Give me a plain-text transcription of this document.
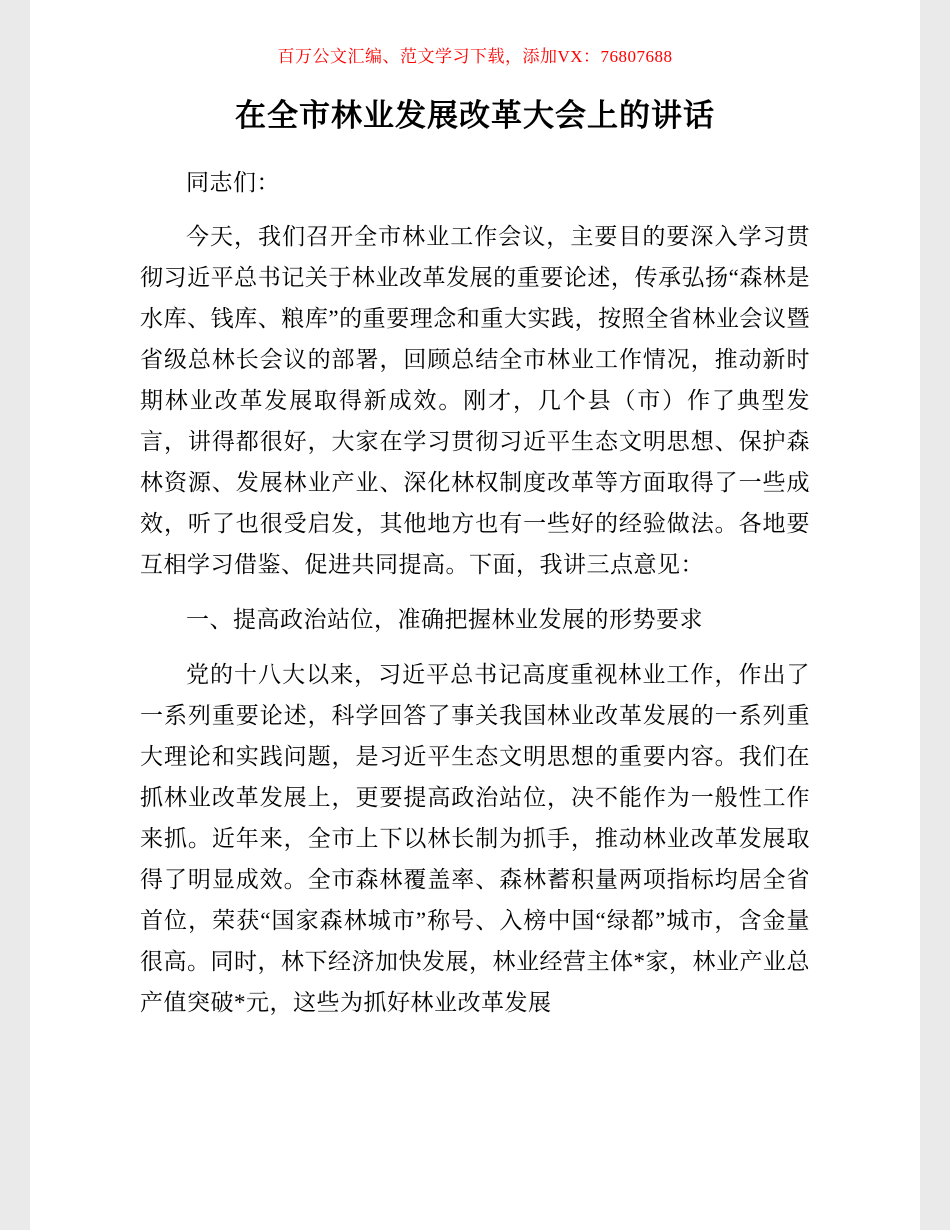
百万公文汇编、范文学习下载，添加VX：76807688
在全市林业发展改革大会上的讲话

同志们：

今天，我们召开全市林业工作会议，主要目的要深入学习贯彻习近平总书记关于林业改革发展的重要论述，传承弘扬“森林是水库、钱库、粮库”的重要理念和重大实践，按照全省林业会议暨省级总林长会议的部署，回顾总结全市林业工作情况，推动新时期林业改革发展取得新成效。刚才，几个县（市）作了典型发言，讲得都很好，大家在学习贯彻习近平生态文明思想、保护森林资源、发展林业产业、深化林权制度改革等方面取得了一些成效，听了也很受启发，其他地方也有一些好的经验做法。各地要互相学习借鉴、促进共同提高。下面，我讲三点意见：

一、提高政治站位，准确把握林业发展的形势要求

党的十八大以来，习近平总书记高度重视林业工作，作出了一系列重要论述，科学回答了事关我国林业改革发展的一系列重大理论和实践问题，是习近平生态文明思想的重要内容。我们在抓林业改革发展上，更要提高政治站位，决不能作为一般性工作来抓。近年来，全市上下以林长制为抓手，推动林业改革发展取得了明显成效。全市森林覆盖率、森林蓄积量两项指标均居全省首位，荣获“国家森林城市”称号、入榜中国“绿都”城市，含金量很高。同时，林下经济加快发展，林业经营主体*家，林业产业总产值突破*元，这些为抓好林业改革发展
